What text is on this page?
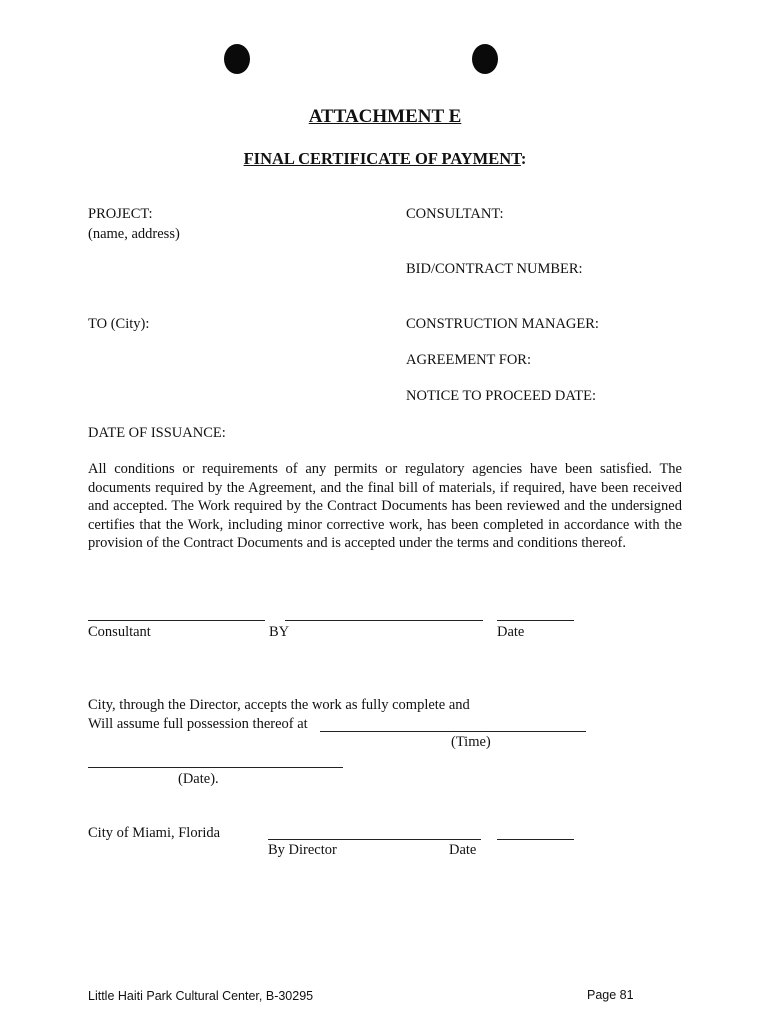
ATTACHMENT E
FINAL CERTIFICATE OF PAYMENT:
PROJECT:
(name, address)
CONSULTANT:
BID/CONTRACT NUMBER:
TO (City):	CONSTRUCTION MANAGER:
AGREEMENT FOR:
NOTICE TO PROCEED DATE:
DATE OF ISSUANCE:
All conditions or requirements of any permits or regulatory agencies have been satisfied. The documents required by the Agreement, and the final bill of materials, if required, have been received and accepted. The Work required by the Contract Documents has been reviewed and the undersigned certifies that the Work, including minor corrective work, has been completed in accordance with the provision of the Contract Documents and is accepted under the terms and conditions thereof.
Consultant	BY	Date
City, through the Director, accepts the work as fully complete and
Will assume full possession thereof at
(Time)
(Date).
City of Miami, Florida
By Director	Date
Little Haiti Park Cultural Center, B-30295	Page 81
